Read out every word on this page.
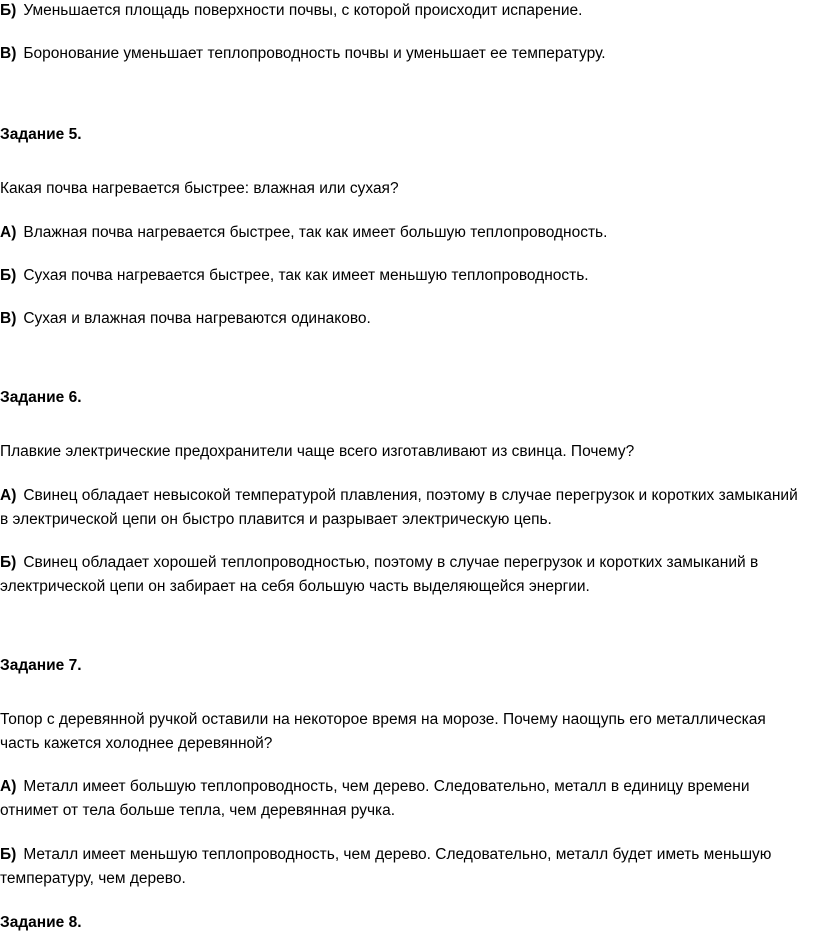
Б) Уменьшается площадь поверхности почвы, с которой происходит испарение.
В) Боронование уменьшает теплопроводность почвы и уменьшает ее температуру.
Задание 5.
Какая почва нагревается быстрее: влажная или сухая?
А) Влажная почва нагревается быстрее, так как имеет большую теплопроводность.
Б) Сухая почва нагревается быстрее, так как имеет меньшую теплопроводность.
В) Сухая и влажная почва нагреваются одинаково.
Задание 6.
Плавкие электрические предохранители чаще всего изготавливают из свинца. Почему?
А) Свинец обладает невысокой температурой плавления, поэтому в случае перегрузок и коротких замыканий в электрической цепи он быстро плавится и разрывает электрическую цепь.
Б) Свинец обладает хорошей теплопроводностью, поэтому в случае перегрузок и коротких замыканий в электрической цепи он забирает на себя большую часть выделяющейся энергии.
Задание 7.
Топор с деревянной ручкой оставили на некоторое время на морозе. Почему наощупь его металлическая часть кажется холоднее деревянной?
А) Металл имеет большую теплопроводность, чем дерево. Следовательно, металл в единицу времени отнимет от тела больше тепла, чем деревянная ручка.
Б) Металл имеет меньшую теплопроводность, чем дерево. Следовательно, металл будет иметь меньшую температуру, чем дерево.
Задание 8.
